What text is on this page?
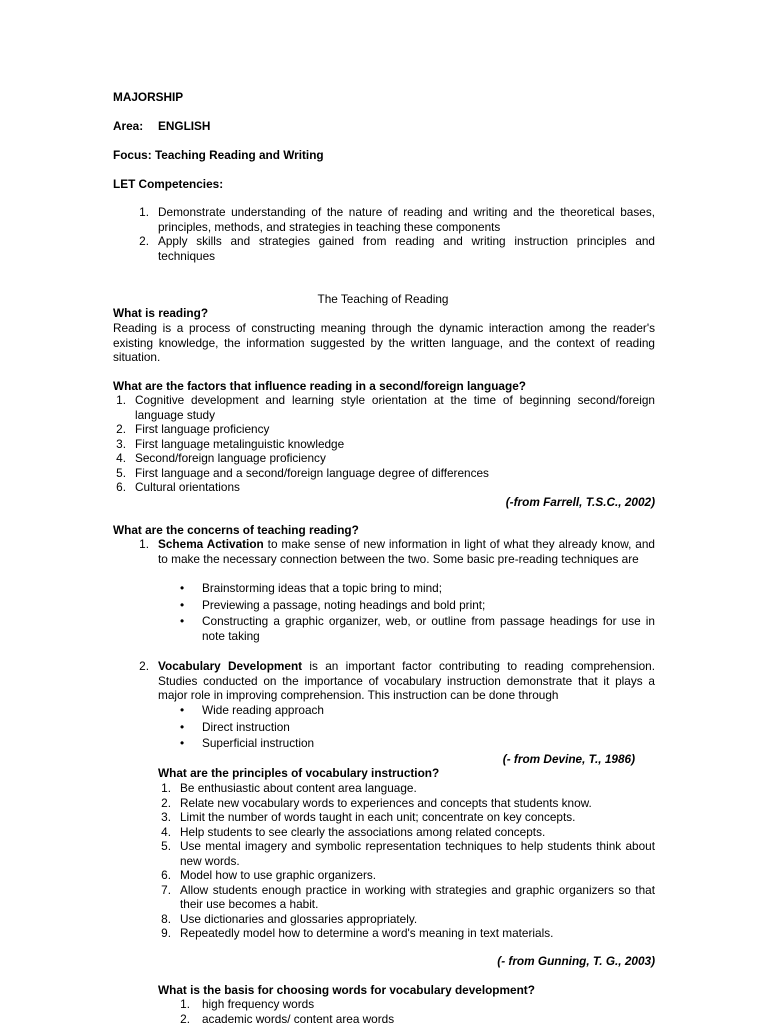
MAJORSHIP

Area: ENGLISH

Focus: Teaching Reading and Writing

LET Competencies:

1. Demonstrate understanding of the nature of reading and writing and the theoretical bases, principles, methods, and strategies in teaching these components
2. Apply skills and strategies gained from reading and writing instruction principles and techniques

The Teaching of Reading

What is reading?

Reading is a process of constructing meaning through the dynamic interaction among the reader's existing knowledge, the information suggested by the written language, and the context of reading situation.

What are the factors that influence reading in a second/foreign language?

1. Cognitive development and learning style orientation at the time of beginning second/foreign language study
2. First language proficiency
3. First language metalinguistic knowledge
4. Second/foreign language proficiency
5. First language and a second/foreign language degree of differences
6. Cultural orientations

(-from Farrell, T.S.C., 2002)

What are the concerns of teaching reading?

1. Schema Activation to make sense of new information in light of what they already know, and to make the necessary connection between the two. Some basic pre-reading techniques are
•	Brainstorming ideas that a topic bring to mind;
•	Previewing a passage, noting headings and bold print;
•	Constructing a graphic organizer, web, or outline from passage headings for use in note taking
2. Vocabulary Development is an important factor contributing to reading comprehension. Studies conducted on the importance of vocabulary instruction demonstrate that it plays a major role in improving comprehension. This instruction can be done through
•	Wide reading approach
•	Direct instruction
•	Superficial instruction

(- from Devine, T., 1986)

What are the principles of vocabulary instruction?

1. Be enthusiastic about content area language.
2. Relate new vocabulary words to experiences and concepts that students know.
3. Limit the number of words taught in each unit; concentrate on key concepts.
4. Help students to see clearly the associations among related concepts.
5. Use mental imagery and symbolic representation techniques to help students think about new words.
6. Model how to use graphic organizers.
7. Allow students enough practice in working with strategies and graphic organizers so that their use becomes a habit.
8. Use dictionaries and glossaries appropriately.
9. Repeatedly model how to determine a word's meaning in text materials.

(- from Gunning, T. G., 2003)

What is the basis for choosing words for vocabulary development?

1.	high frequency words
2.	academic words/ content area words
